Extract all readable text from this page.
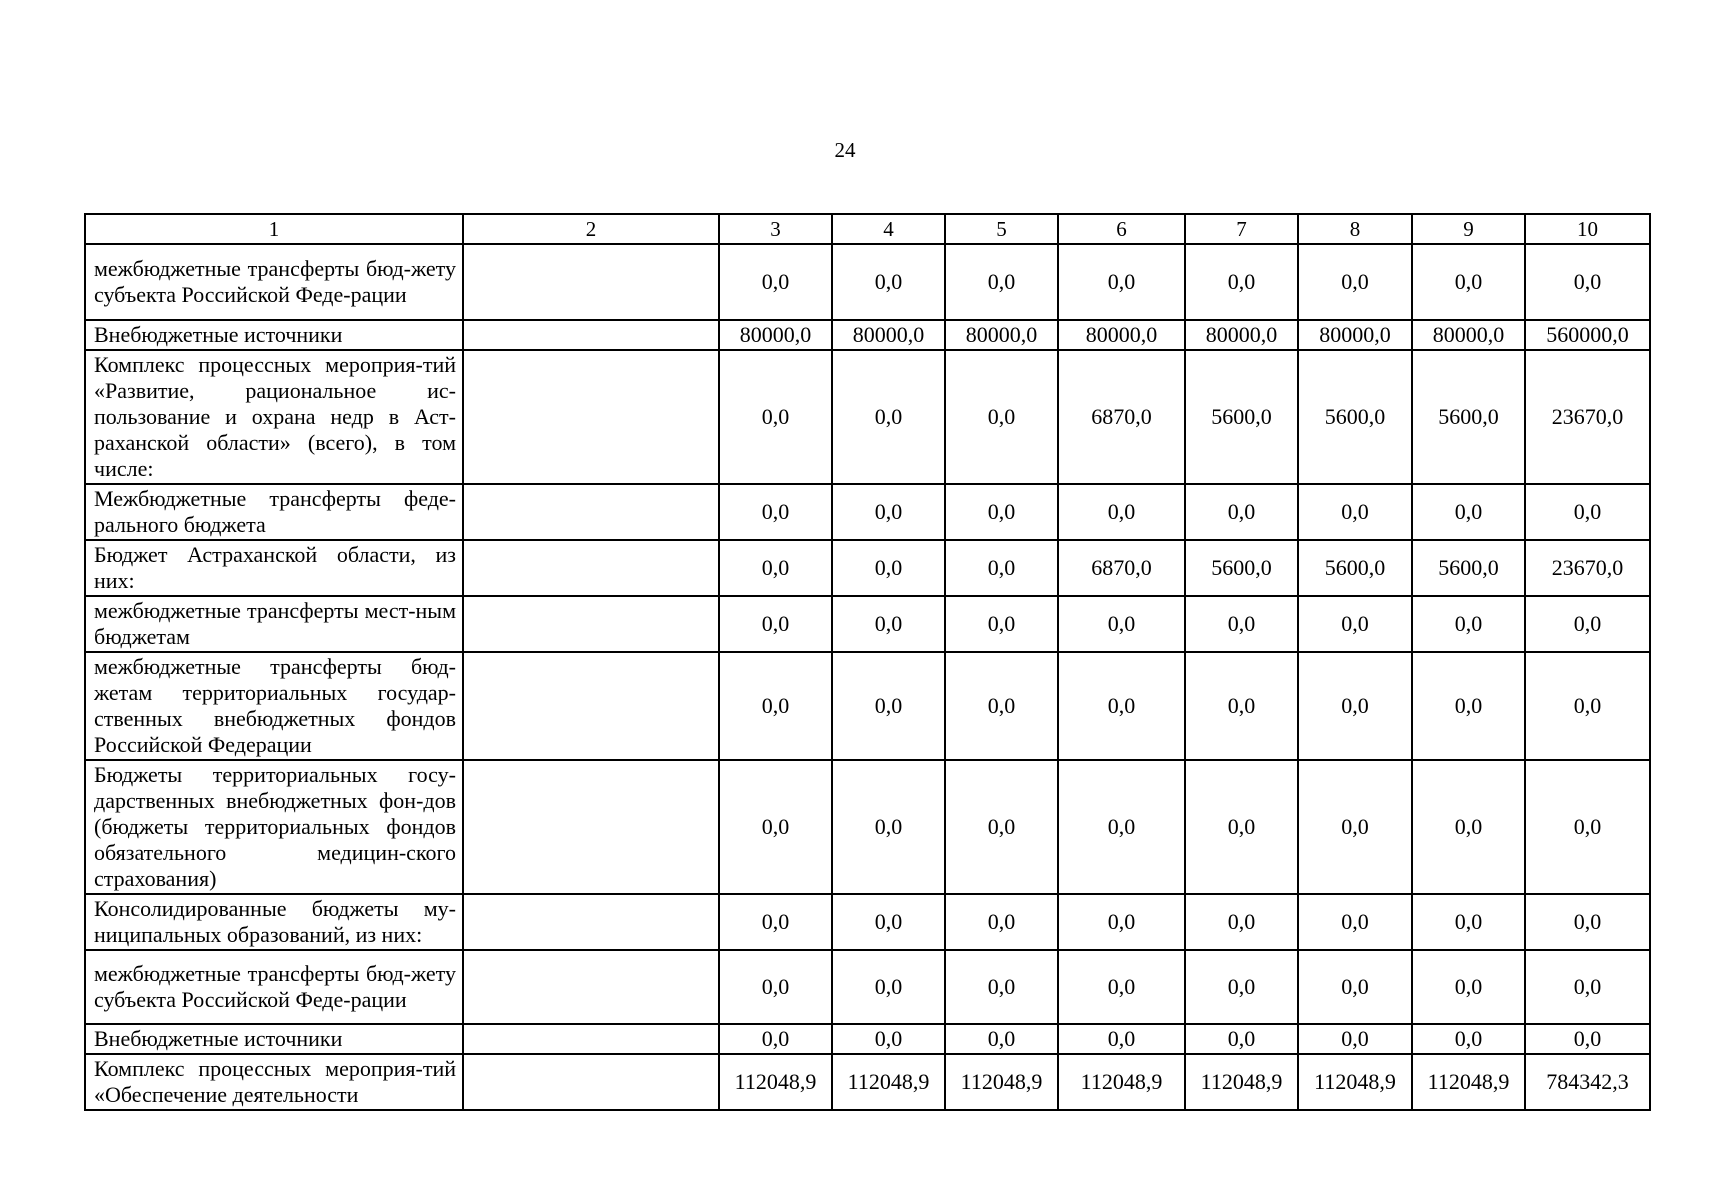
24
1	2	3	4	5	6	7	8	9	10
межбюджетные трансферты бюд-жету субъекта Российской Феде-рации		0,0	0,0	0,0	0,0	0,0	0,0	0,0	0,0
Внебюджетные источники		80000,0	80000,0	80000,0	80000,0	80000,0	80000,0	80000,0	560000,0
Комплекс процессных мероприя-тий «Развитие, рациональное ис-пользование и охрана недр в Аст-раханской области» (всего), в том числе:		0,0	0,0	0,0	6870,0	5600,0	5600,0	5600,0	23670,0
Межбюджетные трансферты феде-рального бюджета		0,0	0,0	0,0	0,0	0,0	0,0	0,0	0,0
Бюджет Астраханской области, из них:		0,0	0,0	0,0	6870,0	5600,0	5600,0	5600,0	23670,0
межбюджетные трансферты мест-ным бюджетам		0,0	0,0	0,0	0,0	0,0	0,0	0,0	0,0
межбюджетные трансферты бюд-жетам территориальных государ-ственных внебюджетных фондов Российской Федерации		0,0	0,0	0,0	0,0	0,0	0,0	0,0	0,0
Бюджеты территориальных госу-дарственных внебюджетных фон-дов (бюджеты территориальных фондов обязательного медицин-ского страхования)		0,0	0,0	0,0	0,0	0,0	0,0	0,0	0,0
Консолидированные бюджеты му-ниципальных образований, из них:		0,0	0,0	0,0	0,0	0,0	0,0	0,0	0,0
межбюджетные трансферты бюд-жету субъекта Российской Феде-рации		0,0	0,0	0,0	0,0	0,0	0,0	0,0	0,0
Внебюджетные источники		0,0	0,0	0,0	0,0	0,0	0,0	0,0	0,0
Комплекс процессных мероприя-тий «Обеспечение деятельности		112048,9	112048,9	112048,9	112048,9	112048,9	112048,9	112048,9	784342,3
